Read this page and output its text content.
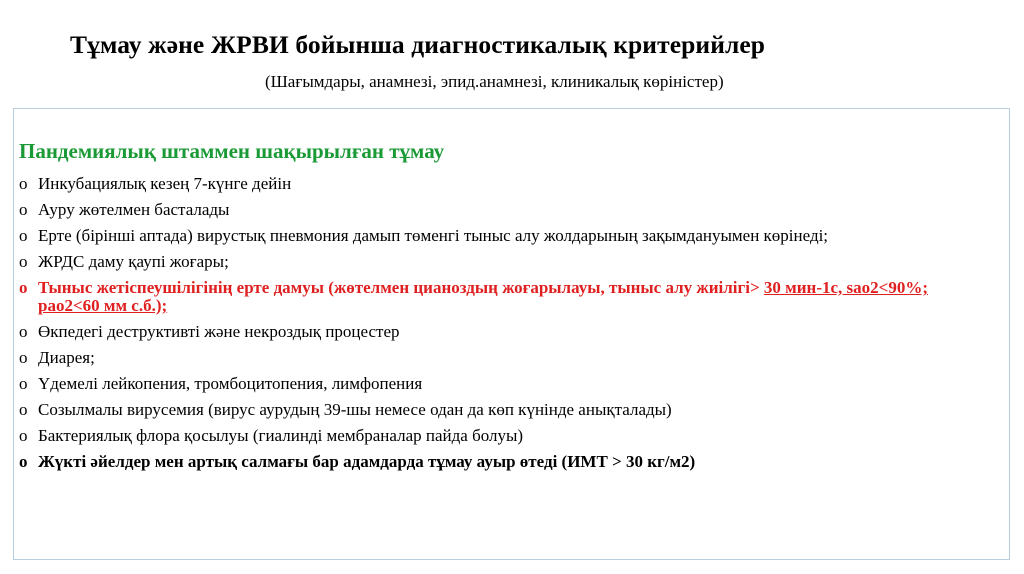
Тұмау және ЖРВИ бойынша диагностикалық критерийлер
(Шағымдары, анамнезі, эпид.анамнезі, клиникалық көріністер)
Пандемиялық штаммен шақырылған тұмау
o Инкубациялық кезең 7-күнге дейін
o Ауру жөтелмен басталады
o Ерте (бірінші аптада) вирустық пневмония дамып төменгі тыныс алу жолдарының зақымдануымен көрінеді;
o ЖРДС даму қаупі жоғары;
o Тыныс жетіспеушілігінің ерте дамуы (жөтелмен цианоздың жоғарылауы, тыныс алу жиілігі> 30 мин-1с, sao2<90%; pao2<60 мм с.б.);
o Өкпедегі деструктивті және некроздық процестер
o Диарея;
o Үдемелі лейкопения, тромбоцитопения, лимфопения
o Созылмалы вирусемия (вирус аурудың 39-шы немесе одан да көп күнінде анықталады)
o Бактериялық флора қосылуы (гиалинді мембраналар пайда болуы)
o Жүкті әйелдер мен артық салмағы бар адамдарда тұмау ауыр өтеді (ИМТ > 30 кг/м2)
